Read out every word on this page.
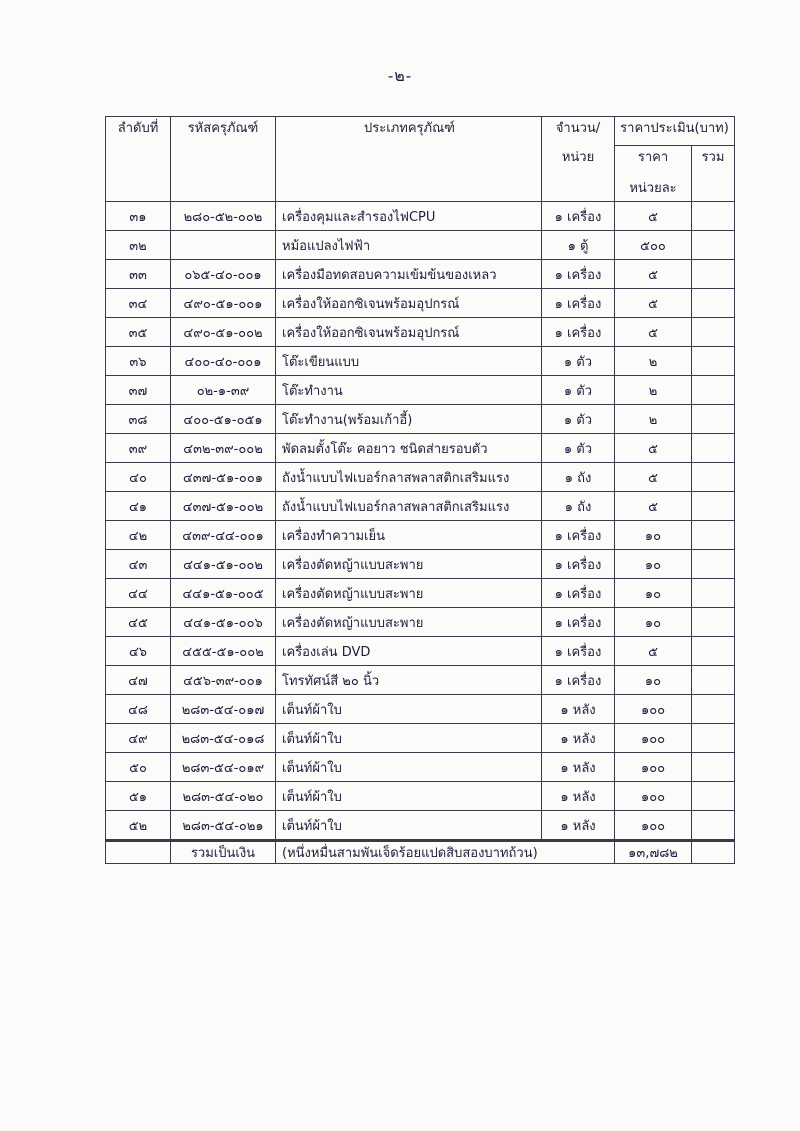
-๒-
ลำดับที่	รหัสครุภัณฑ์	ประเภทครุภัณฑ์	จำนวน/	ราคาประเมิน(บาท)	
			หน่วย	ราคา	รวม
				หน่วยละ	
๓๑	๒๘๐-๕๒-๐๐๒	เครื่องคุมและสำรองไฟCPU	๑ เครื่อง	๕	
๓๒		หม้อแปลงไฟฟ้า	๑ ตู้	๕๐๐	
๓๓	๐๖๕-๔๐-๐๐๑	เครื่องมือทดสอบความเข้มข้นของเหลว	๑ เครื่อง	๕	
๓๔	๔๙๐-๕๑-๐๐๑	เครื่องให้ออกซิเจนพร้อมอุปกรณ์	๑ เครื่อง	๕	
๓๕	๔๙๐-๕๑-๐๐๒	เครื่องให้ออกซิเจนพร้อมอุปกรณ์	๑ เครื่อง	๕	
๓๖	๔๐๐-๔๐-๐๐๑	โต๊ะเขียนแบบ	๑ ตัว	๒	
๓๗	๐๒-๑-๓๙	โต๊ะทำงาน	๑ ตัว	๒	
๓๘	๔๐๐-๕๑-๐๕๑	โต๊ะทำงาน(พร้อมเก้าอี้)	๑ ตัว	๒	
๓๙	๔๓๒-๓๙-๐๐๒	พัดลมตั้งโต๊ะ คอยาว ชนิดส่ายรอบตัว	๑ ตัว	๕	
๔๐	๔๓๗-๕๑-๐๐๑	ถังน้ำแบบไฟเบอร์กลาสพลาสติกเสริมแรง	๑ ถัง	๕	
๔๑	๔๓๗-๕๑-๐๐๒	ถังน้ำแบบไฟเบอร์กลาสพลาสติกเสริมแรง	๑ ถัง	๕	
๔๒	๔๓๙-๔๔-๐๐๑	เครื่องทำความเย็น	๑ เครื่อง	๑๐	
๔๓	๔๔๑-๕๑-๐๐๒	เครื่องตัดหญ้าแบบสะพาย	๑ เครื่อง	๑๐	
๔๔	๔๔๑-๕๑-๐๐๕	เครื่องตัดหญ้าแบบสะพาย	๑ เครื่อง	๑๐	
๔๕	๔๔๑-๕๑-๐๐๖	เครื่องตัดหญ้าแบบสะพาย	๑ เครื่อง	๑๐	
๔๖	๔๕๕-๕๑-๐๐๒	เครื่องเล่น DVD	๑ เครื่อง	๕	
๔๗	๔๕๖-๓๙-๐๐๑	โทรทัศน์สี ๒๐ นิ้ว	๑ เครื่อง	๑๐	
๔๘	๒๘๓-๕๔-๐๑๗	เต็นท์ผ้าใบ	๑ หลัง	๑๐๐	
๔๙	๒๘๓-๕๔-๐๑๘	เต็นท์ผ้าใบ	๑ หลัง	๑๐๐	
๕๐	๒๘๓-๕๔-๐๑๙	เต็นท์ผ้าใบ	๑ หลัง	๑๐๐	
๕๑	๒๘๓-๕๔-๐๒๐	เต็นท์ผ้าใบ	๑ หลัง	๑๐๐	
๕๒	๒๘๓-๕๔-๐๒๑	เต็นท์ผ้าใบ	๑ หลัง	๑๐๐	

	รวมเป็นเงิน	(หนึ่งหมื่นสามพันเจ็ดร้อยแปดสิบสองบาทถ้วน)		๑๓,๗๘๒	
